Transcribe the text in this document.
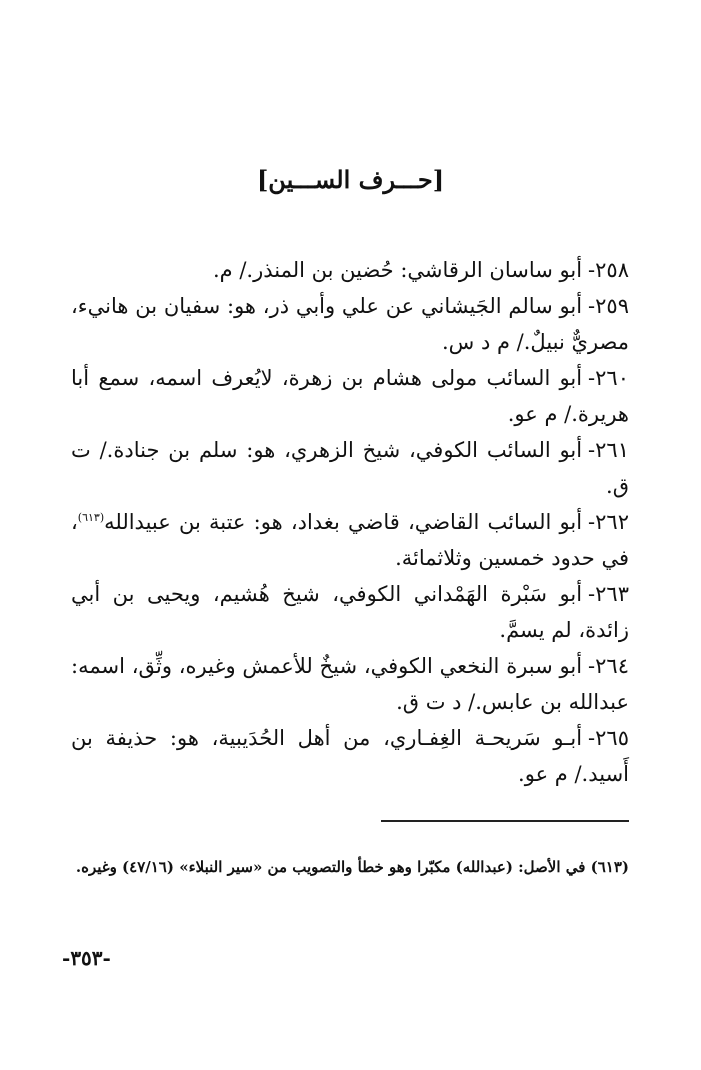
[حـــرف الســـين]

٢٥٨-أبو ساسان الرقاشي: حُضين بن المنذر./ م.

٢٥٩-أبو سالم الجَيشاني عن علي وأبي ذر، هو: سفيان بن هانيء، مصريٌّ نبيلٌ./ م د س.

٢٦٠-أبو السائب مولى هشام بن زهرة، لايُعرف اسمه، سمع أبا هريرة./ م عو.

٢٦١-أبو السائب الكوفي، شيخ الزهري، هو: سلم بن جنادة./ ت ق.

٢٦٢-أبو السائب القاضي، قاضي بغداد، هو: عتبة بن عبيدالله$^{(٦١٣)}$، في حدود خمسين وثلاثمائة.

٢٦٣-أبو سَبْرة الهَمْداني الكوفي، شيخ هُشيم، ويحيى بن أبي زائدة، لم يسمَّ.

٢٦٤-أبو سبرة النخعي الكوفي، شيخٌ للأعمش وغيره، وثِّق، اسمه: عبدالله بن عابس./ د ت ق.

٢٦٥-أبـو سَريحـة الغِفـاري، من أهل الحُدَيبية، هو: حذيفة بن أَسيد./ م عو.

(٦١٣) في الأصل: (عبدالله) مكبّرا وهو خطأ والتصويب من «سير النبلاء» (٤٧/١٦) وغيره.
-٣٥٣-
